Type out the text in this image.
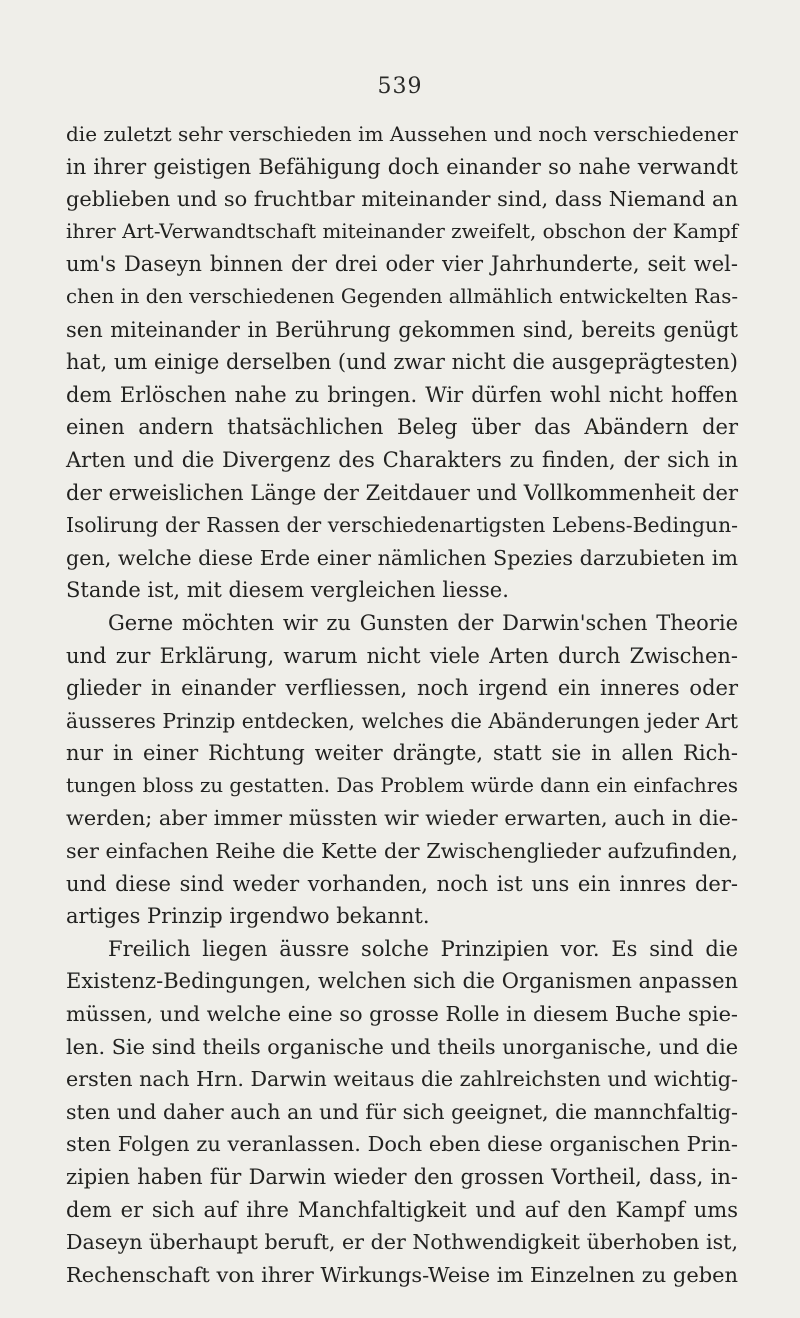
539
die zuletzt sehr verschieden im Aussehen und noch verschiedener
in ihrer geistigen Befähigung doch einander so nahe verwandt
geblieben und so fruchtbar miteinander sind, dass Niemand an
ihrer Art-Verwandtschaft miteinander zweifelt, obschon der Kampf
um's Daseyn binnen der drei oder vier Jahrhunderte, seit wel-
chen in den verschiedenen Gegenden allmählich entwickelten Ras-
sen miteinander in Berührung gekommen sind, bereits genügt
hat, um einige derselben (und zwar nicht die ausgeprägtesten)
dem Erlöschen nahe zu bringen. Wir dürfen wohl nicht hoffen
einen andern thatsächlichen Beleg über das Abändern der
Arten und die Divergenz des Charakters zu finden, der sich in
der erweislichen Länge der Zeitdauer und Vollkommenheit der
Isolirung der Rassen der verschiedenartigsten Lebens-Bedingun-
gen, welche diese Erde einer nämlichen Spezies darzubieten im
Stande ist, mit diesem vergleichen liesse.
Gerne möchten wir zu Gunsten der Darwin'schen Theorie
und zur Erklärung, warum nicht viele Arten durch Zwischen-
glieder in einander verfliessen, noch irgend ein inneres oder
äusseres Prinzip entdecken, welches die Abänderungen jeder Art
nur in einer Richtung weiter drängte, statt sie in allen Rich-
tungen bloss zu gestatten. Das Problem würde dann ein einfachres
werden; aber immer müssten wir wieder erwarten, auch in die-
ser einfachen Reihe die Kette der Zwischenglieder aufzufinden,
und diese sind weder vorhanden, noch ist uns ein innres der-
artiges Prinzip irgendwo bekannt.
Freilich liegen äussre solche Prinzipien vor. Es sind die
Existenz-Bedingungen, welchen sich die Organismen anpassen
müssen, und welche eine so grosse Rolle in diesem Buche spie-
len. Sie sind theils organische und theils unorganische, und die
ersten nach Hrn. Darwin weitaus die zahlreichsten und wichtig-
sten und daher auch an und für sich geeignet, die mannchfaltig-
sten Folgen zu veranlassen. Doch eben diese organischen Prin-
zipien haben für Darwin wieder den grossen Vortheil, dass, in-
dem er sich auf ihre Manchfaltigkeit und auf den Kampf ums
Daseyn überhaupt beruft, er der Nothwendigkeit überhoben ist,
Rechenschaft von ihrer Wirkungs-Weise im Einzelnen zu geben
